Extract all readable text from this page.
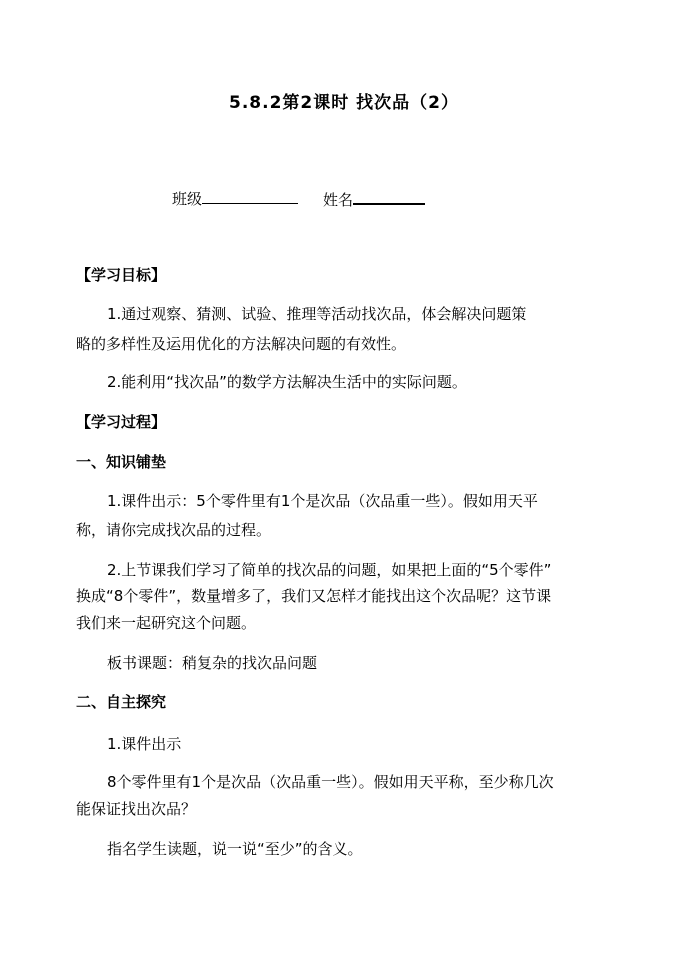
5.8.2第2课时 找次品（2）
班级	姓名
【学习目标】
1.通过观察、猜测、试验、推理等活动找次品，体会解决问题策
略的多样性及运用优化的方法解决问题的有效性。
2.能利用“找次品”的数学方法解决生活中的实际问题。
【学习过程】
一、知识铺垫
1.课件出示：5个零件里有1个是次品（次品重一些）。假如用天平
称，请你完成找次品的过程。
2.上节课我们学习了简单的找次品的问题，如果把上面的“5个零件”
换成“8个零件”，数量增多了，我们又怎样才能找出这个次品呢？这节课
我们来一起研究这个问题。
板书课题：稍复杂的找次品问题
二、自主探究
1.课件出示
8个零件里有1个是次品（次品重一些）。假如用天平称，至少称几次
能保证找出次品？
指名学生读题，说一说“至少”的含义。
